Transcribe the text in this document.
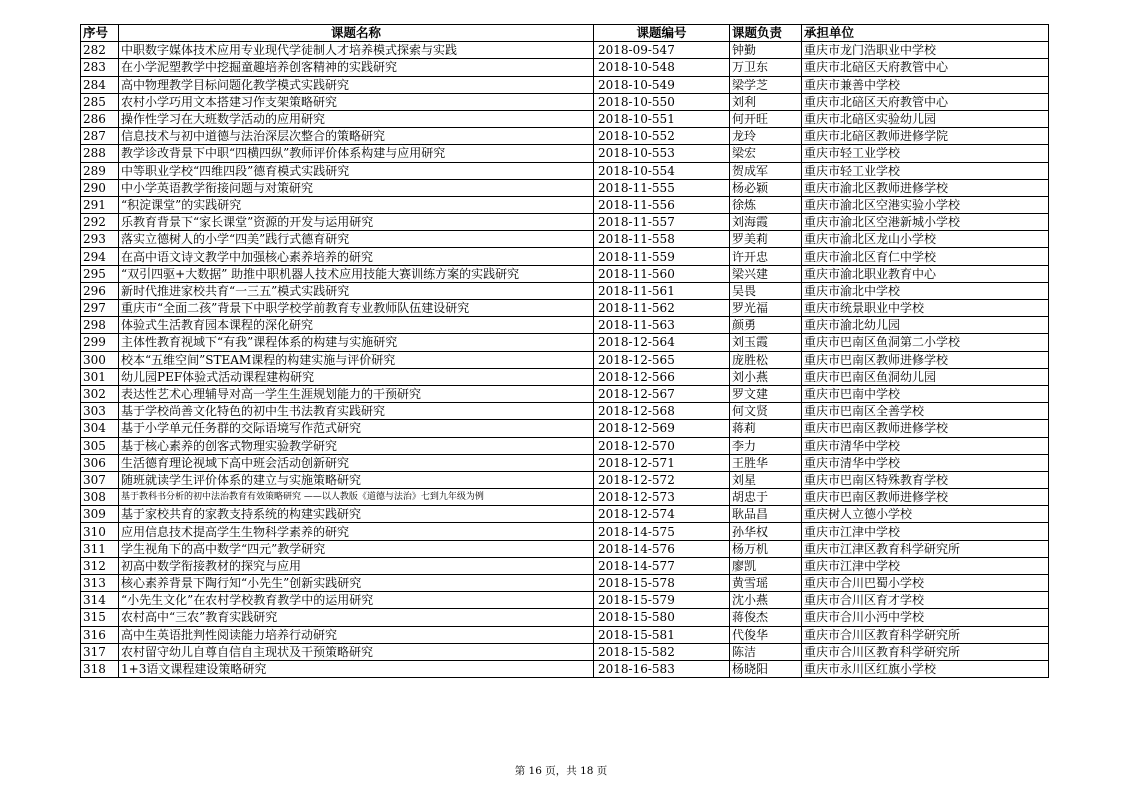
序号	课题名称	课题编号	课题负责	承担单位
282	中职数字媒体技术应用专业现代学徒制人才培养模式探索与实践	2018-09-547	钟勤	重庆市龙门浩职业中学校
283	在小学泥塑教学中挖掘童趣培养创客精神的实践研究	2018-10-548	万卫东	重庆市北碚区天府教管中心
284	高中物理教学目标问题化教学模式实践研究	2018-10-549	梁学芝	重庆市兼善中学校
285	农村小学巧用文本搭建习作支架策略研究	2018-10-550	刘利	重庆市北碚区天府教管中心
286	操作性学习在大班数学活动的应用研究	2018-10-551	何开旺	重庆市北碚区实验幼儿园
287	信息技术与初中道德与法治深层次整合的策略研究	2018-10-552	龙玲	重庆市北碚区教师进修学院
288	教学诊改背景下中职“四横四纵”教师评价体系构建与应用研究	2018-10-553	梁宏	重庆市轻工业学校
289	中等职业学校“四维四段”德育模式实践研究	2018-10-554	贺成军	重庆市轻工业学校
290	中小学英语教学衔接问题与对策研究	2018-11-555	杨必颖	重庆市渝北区教师进修学校
291	“积淀课堂”的实践研究	2018-11-556	徐炼	重庆市渝北区空港实验小学校
292	乐教育背景下“家长课堂”资源的开发与运用研究	2018-11-557	刘海霞	重庆市渝北区空港新城小学校
293	落实立德树人的小学“四美”践行式德育研究	2018-11-558	罗美莉	重庆市渝北区龙山小学校
294	在高中语文诗文教学中加强核心素养培养的研究	2018-11-559	许开忠	重庆市渝北区育仁中学校
295	“双引四驱+大数据” 助推中职机器人技术应用技能大赛训练方案的实践研究	2018-11-560	梁兴建	重庆市渝北职业教育中心
296	新时代推进家校共育“一三五”模式实践研究	2018-11-561	吴畏	重庆市渝北中学校
297	重庆市“全面二孩”背景下中职学校学前教育专业教师队伍建设研究	2018-11-562	罗光福	重庆市统景职业中学校
298	体验式生活教育园本课程的深化研究	2018-11-563	颜勇	重庆市渝北幼儿园
299	主体性教育视域下“有我”课程体系的构建与实施研究	2018-12-564	刘玉霞	重庆市巴南区鱼洞第二小学校
300	校本“五维空间”STEAM课程的构建实施与评价研究	2018-12-565	庞胜松	重庆市巴南区教师进修学校
301	幼儿园PEF体验式活动课程建构研究	2018-12-566	刘小燕	重庆市巴南区鱼洞幼儿园
302	表达性艺术心理辅导对高一学生生涯规划能力的干预研究	2018-12-567	罗文建	重庆市巴南中学校
303	基于学校尚善文化特色的初中生书法教育实践研究	2018-12-568	何文贤	重庆市巴南区全善学校
304	基于小学单元任务群的交际语境写作范式研究	2018-12-569	蒋莉	重庆市巴南区教师进修学校
305	基于核心素养的创客式物理实验教学研究	2018-12-570	李力	重庆市清华中学校
306	生活德育理论视域下高中班会活动创新研究	2018-12-571	王胜华	重庆市清华中学校
307	随班就读学生评价体系的建立与实施策略研究	2018-12-572	刘星	重庆市巴南区特殊教育学校
308	基于教科书分析的初中法治教育有效策略研究 ——以人教版《道德与法治》七到九年级为例	2018-12-573	胡忠于	重庆市巴南区教师进修学校
309	基于家校共育的家教支持系统的构建实践研究	2018-12-574	耿品昌	重庆树人立德小学校
310	应用信息技术提高学生生物科学素养的研究	2018-14-575	孙华权	重庆市江津中学校
311	学生视角下的高中数学“四元”教学研究	2018-14-576	杨万机	重庆市江津区教育科学研究所
312	初高中数学衔接教材的探究与应用	2018-14-577	廖凯	重庆市江津中学校
313	核心素养背景下陶行知“小先生”创新实践研究	2018-15-578	黄雪瑶	重庆市合川巴蜀小学校
314	“小先生文化”在农村学校教育教学中的运用研究	2018-15-579	沈小燕	重庆市合川区育才学校
315	农村高中“三农”教育实践研究	2018-15-580	蒋俊杰	重庆市合川小沔中学校
316	高中生英语批判性阅读能力培养行动研究	2018-15-581	代俊华	重庆市合川区教育科学研究所
317	农村留守幼儿自尊自信自主现状及干预策略研究	2018-15-582	陈洁	重庆市合川区教育科学研究所
318	1+3语文课程建设策略研究	2018-16-583	杨晓阳	重庆市永川区红旗小学校
第 16 页，共 18 页
